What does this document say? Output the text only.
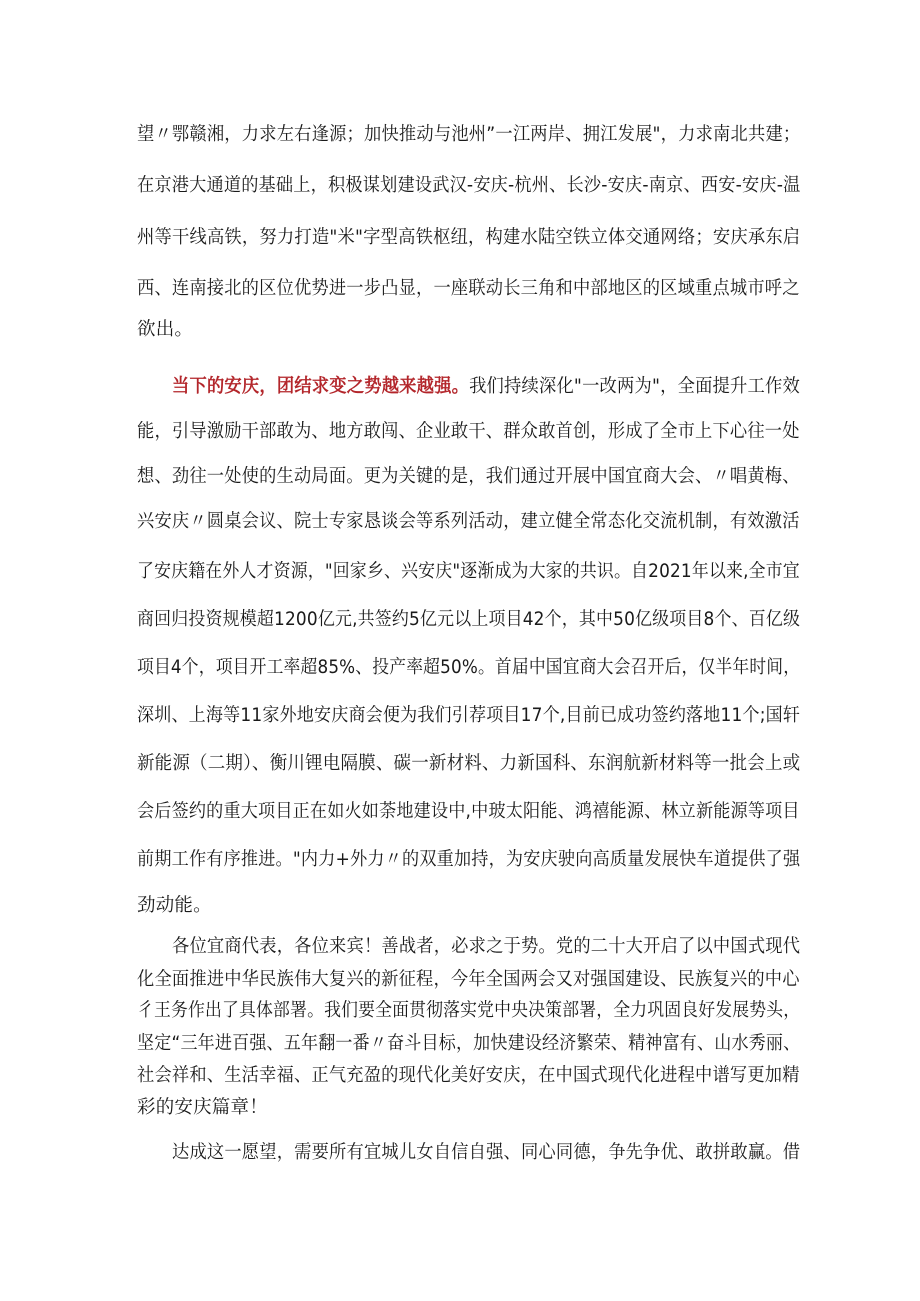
望〃鄂赣湘，力求左右逢源；加快推动与池州”一江两岸、拥江发展"，力求南北共建；
在京港大通道的基础上，积极谋划建设武汉-安庆-杭州、长沙-安庆-南京、西安-安庆-温
州等干线高铁，努力打造"米"字型高铁枢纽，构建水陆空铁立体交通网络；安庆承东启
西、连南接北的区位优势进一步凸显，一座联动长三角和中部地区的区域重点城市呼之
欲出。
当下的安庆，团结求变之势越来越强。我们持续深化"一改两为"，全面提升工作效
能，引导激励干部敢为、地方敢闯、企业敢干、群众敢首创，形成了全市上下心往一处
想、劲往一处使的生动局面。更为关键的是，我们通过开展中国宜商大会、〃唱黄梅、
兴安庆〃圆桌会议、院士专家恳谈会等系列活动，建立健全常态化交流机制，有效激活
了安庆籍在外人才资源，"回家乡、兴安庆"逐渐成为大家的共识。自2021年以来,全市宜
商回归投资规模超1200亿元,共签约5亿元以上项目42个，其中50亿级项目8个、百亿级
项目4个，项目开工率超85%、投产率超50%。首届中国宜商大会召开后，仅半年时间，
深圳、上海等11家外地安庆商会便为我们引荐项目17个,目前已成功签约落地11个;国轩
新能源（二期）、衡川锂电隔膜、碳一新材料、力新国科、东润航新材料等一批会上或
会后签约的重大项目正在如火如荼地建设中,中玻太阳能、鸿禧能源、林立新能源等项目
前期工作有序推进。"内力+外力〃的双重加持，为安庆驶向高质量发展快车道提供了强
劲动能。
各位宜商代表，各位来宾！善战者，必求之于势。党的二十大开启了以中国式现代
化全面推进中华民族伟大复兴的新征程，今年全国两会又对强国建设、民族复兴的中心
彳王务作出了具体部署。我们要全面贯彻落实党中央决策部署，全力巩固良好发展势头，
坚定“三年进百强、五年翻一番〃奋斗目标，加快建设经济繁荣、精神富有、山水秀丽、
社会祥和、生活幸福、正气充盈的现代化美好安庆，在中国式现代化进程中谱写更加精
彩的安庆篇章！
达成这一愿望，需要所有宜城儿女自信自强、同心同德，争先争优、敢拼敢赢。借
